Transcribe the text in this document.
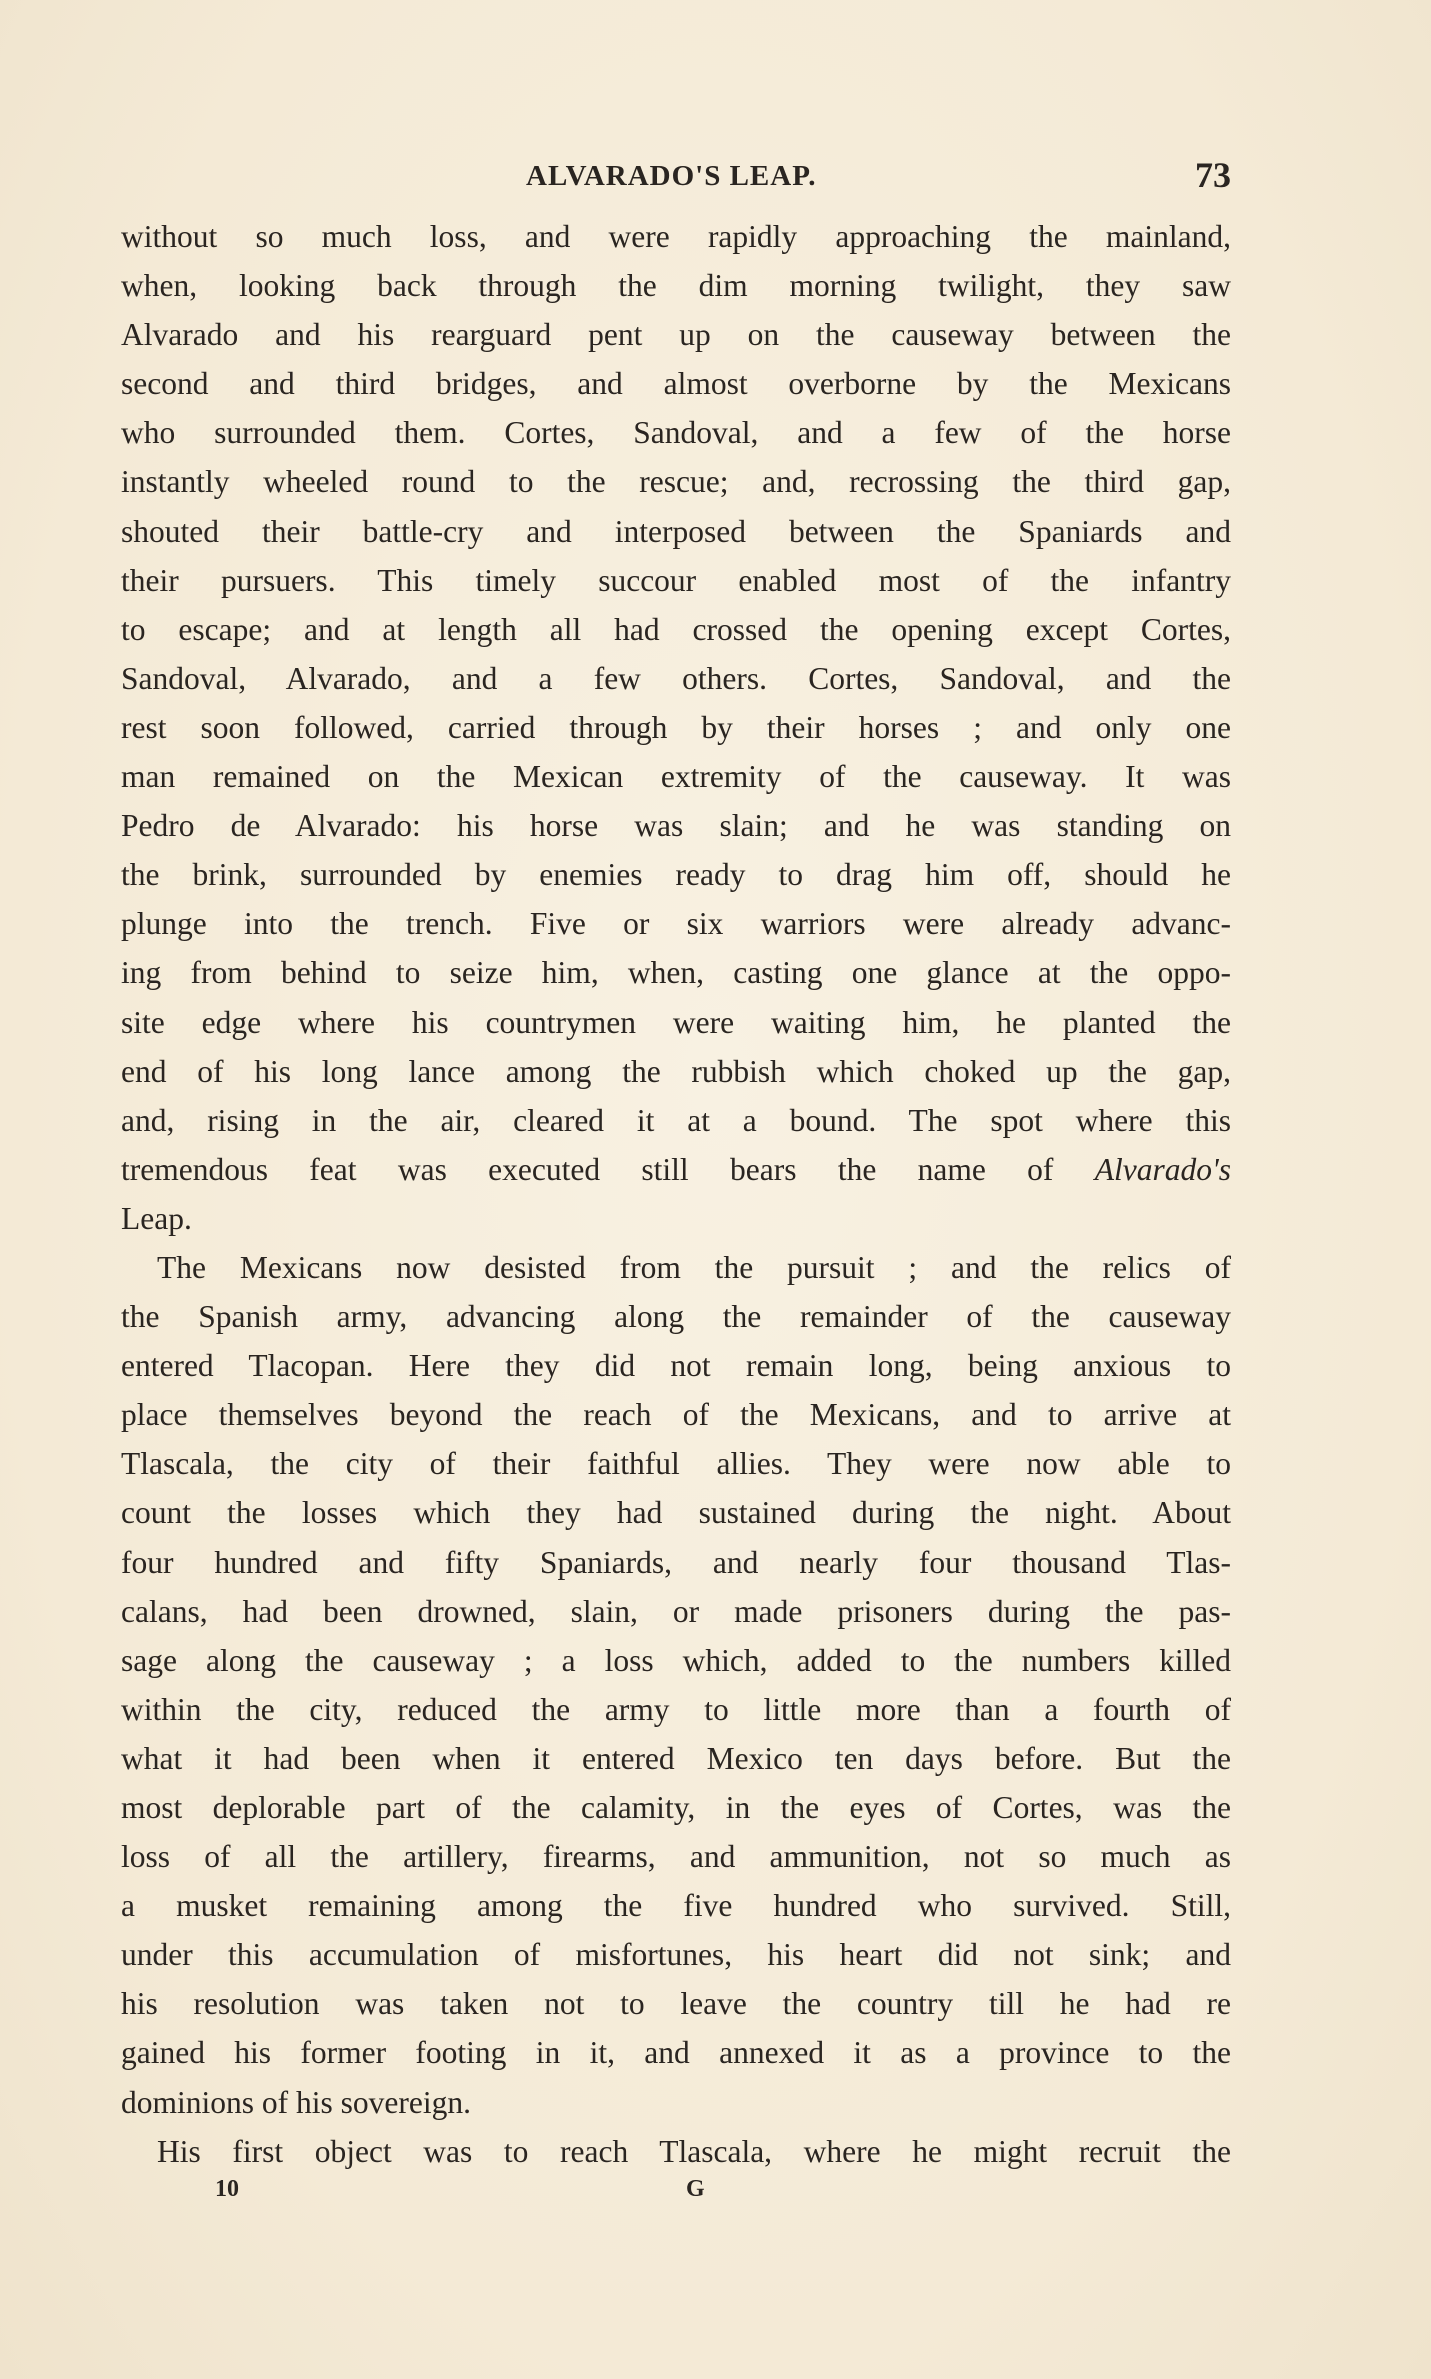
ALVARADO'S LEAP.	73
without so much loss, and were rapidly approaching the mainland,
when, looking back through the dim morning twilight, they saw
Alvarado and his rearguard pent up on the causeway between the
second and third bridges, and almost overborne by the Mexicans
who surrounded them. Cortes, Sandoval, and a few of the horse
instantly wheeled round to the rescue; and, recrossing the third gap,
shouted their battle-cry and interposed between the Spaniards and
their pursuers. This timely succour enabled most of the infantry
to escape; and at length all had crossed the opening except Cortes,
Sandoval, Alvarado, and a few others. Cortes, Sandoval, and the
rest soon followed, carried through by their horses ; and only one
man remained on the Mexican extremity of the causeway. It was
Pedro de Alvarado: his horse was slain; and he was standing on
the brink, surrounded by enemies ready to drag him off, should he
plunge into the trench. Five or six warriors were already advanc-
ing from behind to seize him, when, casting one glance at the oppo-
site edge where his countrymen were waiting him, he planted the
end of his long lance among the rubbish which choked up the gap,
and, rising in the air, cleared it at a bound. The spot where this
tremendous feat was executed still bears the name of Alvarado's
Leap.
The Mexicans now desisted from the pursuit ; and the relics of
the Spanish army, advancing along the remainder of the causeway
entered Tlacopan. Here they did not remain long, being anxious to
place themselves beyond the reach of the Mexicans, and to arrive at
Tlascala, the city of their faithful allies. They were now able to
count the losses which they had sustained during the night. About
four hundred and fifty Spaniards, and nearly four thousand Tlas-
calans, had been drowned, slain, or made prisoners during the pas-
sage along the causeway ; a loss which, added to the numbers killed
within the city, reduced the army to little more than a fourth of
what it had been when it entered Mexico ten days before. But the
most deplorable part of the calamity, in the eyes of Cortes, was the
loss of all the artillery, firearms, and ammunition, not so much as
a musket remaining among the five hundred who survived. Still,
under this accumulation of misfortunes, his heart did not sink; and
his resolution was taken not to leave the country till he had re
gained his former footing in it, and annexed it as a province to the
dominions of his sovereign.
His first object was to reach Tlascala, where he might recruit the
10	G
